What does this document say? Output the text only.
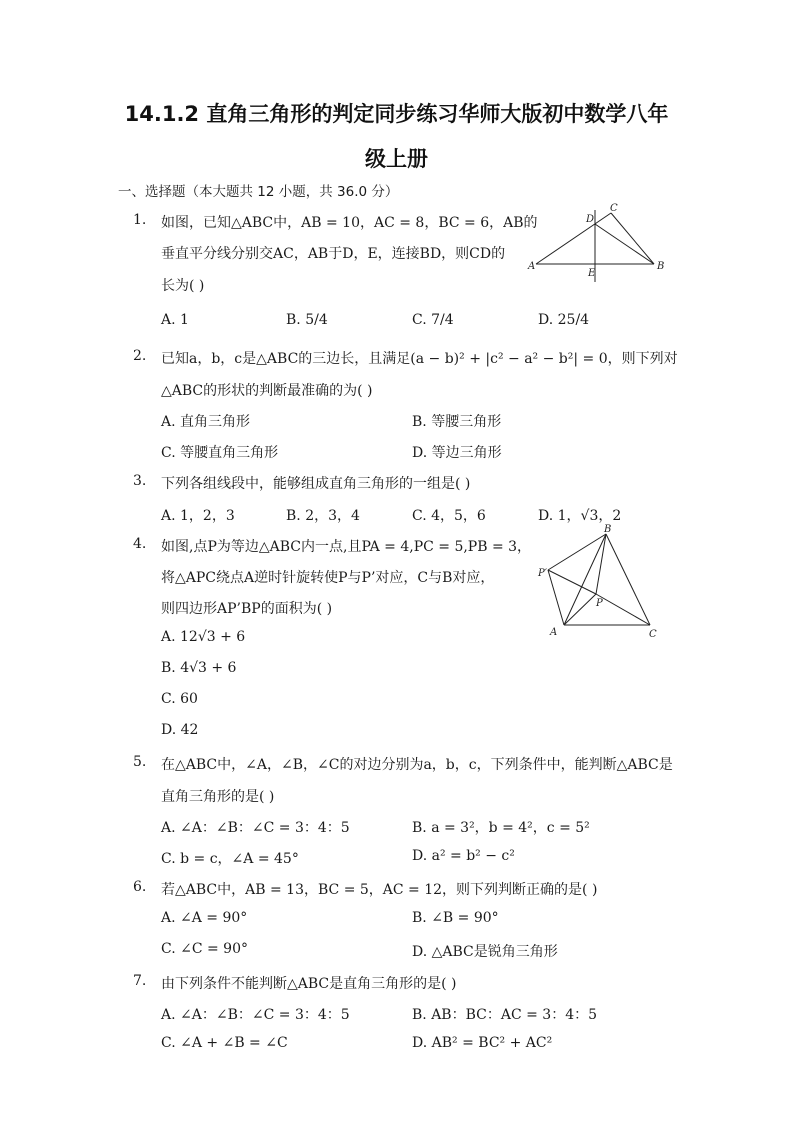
14.1.2 直角三角形的判定同步练习华师大版初中数学八年
级上册
一、选择题（本大题共 12 小题，共 36.0 分）
1. 如图，已知△ABC中，AB = 10，AC = 8，BC = 6，AB的
垂直平分线分别交AC，AB于D，E，连接BD，则CD的
长为( )
A. 1	B. 5/4	C. 7/4	D. 25/4
A	B
C
D
E
2. 已知a，b，c是△ABC的三边长，且满足(a − b)² + |c² − a² − b²| = 0，则下列对
△ABC的形状的判断最准确的为( )
A. 直角三角形	B. 等腰三角形
C. 等腰直角三角形	D. 等边三角形
3. 下列各组线段中，能够组成直角三角形的一组是( )
A. 1，2，3	B. 2，3，4	C. 4，5，6	D. 1，√3，2
4. 如图,点P为等边△ABC内一点,且PA = 4,PC = 5,PB = 3，
将△APC绕点A逆时针旋转使P与P’对应，C与B对应，
则四边形AP’BP的面积为( )
A. 12√3 + 6
B. 4√3 + 6
C. 60
D. 42
A
B
C
P
P′
5. 在△ABC中，∠A，∠B，∠C的对边分别为a，b，c，下列条件中，能判断△ABC是
直角三角形的是( )
A. ∠A：∠B：∠C = 3：4：5	B. a = 3²，b = 4²，c = 5²
C. b = c，∠A = 45°	D. a² = b² − c²
6. 若△ABC中，AB = 13，BC = 5，AC = 12，则下列判断正确的是( )
A. ∠A = 90°	B. ∠B = 90°
C. ∠C = 90°	D. △ABC是锐角三角形
7. 由下列条件不能判断△ABC是直角三角形的是( )
A. ∠A：∠B：∠C = 3：4：5	B. AB：BC：AC = 3：4：5
C. ∠A + ∠B = ∠C	D. AB² = BC² + AC²
